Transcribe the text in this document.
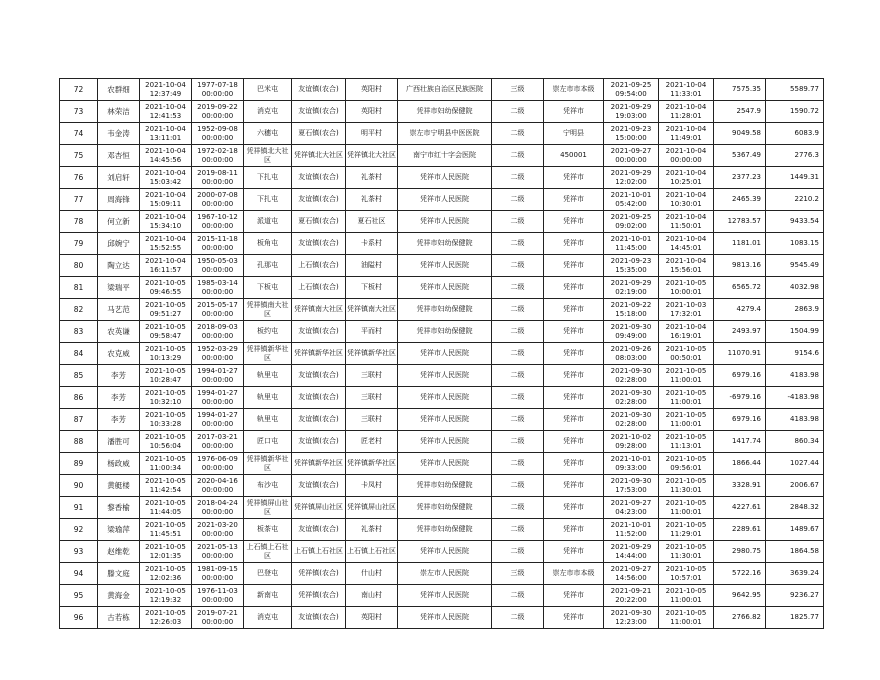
72	农群细	2021-10-04
12:37:49	1977-07-18
00:00:00	巴米屯	友谊镇(农合)	英阳村	广西壮族自治区民族医院	三级	崇左市市本级	2021-09-25
09:54:00	2021-10-04
11:33:01	7575.35	5589.77

73	林荣洁	2021-10-04
12:41:53	2019-09-22
00:00:00	消克屯	友谊镇(农合)	英阳村	凭祥市妇幼保健院	二级	凭祥市	2021-09-29
19:03:00	2021-10-04
11:28:01	2547.9	1590.72

74	韦金涛	2021-10-04
13:11:01	1952-09-08
00:00:00	六穗屯	夏石镇(农合)	明平村	崇左市宁明县中医医院	二级	宁明县	2021-09-23
15:00:00	2021-10-04
11:49:01	9049.58	6083.9

75	邓杏恒	2021-10-04
14:45:56	1972-02-18
00:00:00	凭祥镇北大社区	凭祥镇北大社区	凭祥镇北大社区	南宁市红十字会医院	二级	450001	2021-09-27
00:00:00	2021-10-04
00:00:00	5367.49	2776.3

76	刘启轩	2021-10-04
15:03:42	2019-08-11
00:00:00	下扎屯	友谊镇(农合)	礼茶村	凭祥市人民医院	二级	凭祥市	2021-09-29
12:02:00	2021-10-04
10:25:01	2377.23	1449.31

77	周海锋	2021-10-04
15:09:11	2000-07-08
00:00:00	下扎屯	友谊镇(农合)	礼茶村	凭祥市人民医院	二级	凭祥市	2021-10-01
05:42:00	2021-10-04
10:30:01	2465.39	2210.2

78	何立新	2021-10-04
15:34:10	1967-10-12
00:00:00	派道屯	夏石镇(农合)	夏石社区	凭祥市人民医院	二级	凭祥市	2021-09-25
09:02:00	2021-10-04
11:50:01	12783.57	9433.54

79	邱婉宁	2021-10-04
15:52:55	2015-11-18
00:00:00	板角屯	友谊镇(农合)	卡系村	凭祥市妇幼保健院	二级	凭祥市	2021-10-01
11:45:00	2021-10-04
14:45:01	1181.01	1083.15

80	陶立达	2021-10-04
16:11:57	1950-05-03
00:00:00	孔那屯	上石镇(农合)	油隘村	凭祥市人民医院	二级	凭祥市	2021-09-23
15:35:00	2021-10-04
15:56:01	9813.16	9545.49

81	梁瑞平	2021-10-05
09:46:55	1985-03-14
00:00:00	下板屯	上石镇(农合)	下板村	凭祥市人民医院	二级	凭祥市	2021-09-29
02:19:00	2021-10-05
10:00:01	6565.72	4032.98

82	马艺范	2021-10-05
09:51:27	2015-05-17
00:00:00	凭祥镇南大社区	凭祥镇南大社区	凭祥镇南大社区	凭祥市妇幼保健院	二级	凭祥市	2021-09-22
15:18:00	2021-10-03
17:32:01	4279.4	2863.9

83	农英谦	2021-10-05
09:58:47	2018-09-03
00:00:00	板约屯	友谊镇(农合)	平而村	凭祥市妇幼保健院	二级	凭祥市	2021-09-30
09:49:00	2021-10-04
16:19:01	2493.97	1504.99

84	农克威	2021-10-05
10:13:29	1952-03-29
00:00:00	凭祥镇新华社区	凭祥镇新华社区	凭祥镇新华社区	凭祥市人民医院	二级	凭祥市	2021-09-26
08:03:00	2021-10-05
00:50:01	11070.91	9154.6

85	李芳	2021-10-05
10:28:47	1994-01-27
00:00:00	轨里屯	友谊镇(农合)	三联村	凭祥市人民医院	二级	凭祥市	2021-09-30
02:28:00	2021-10-05
11:00:01	6979.16	4183.98

86	李芳	2021-10-05
10:32:10	1994-01-27
00:00:00	轨里屯	友谊镇(农合)	三联村	凭祥市人民医院	二级	凭祥市	2021-09-30
02:28:00	2021-10-05
11:00:01	-6979.16	-4183.98

87	李芳	2021-10-05
10:33:28	1994-01-27
00:00:00	轨里屯	友谊镇(农合)	三联村	凭祥市人民医院	二级	凭祥市	2021-09-30
02:28:00	2021-10-05
11:00:01	6979.16	4183.98

88	潘胜可	2021-10-05
10:56:04	2017-03-21
00:00:00	匠口屯	友谊镇(农合)	匠老村	凭祥市人民医院	二级	凭祥市	2021-10-02
09:28:00	2021-10-05
11:13:01	1417.74	860.34

89	杨政威	2021-10-05
11:00:34	1976-06-09
00:00:00	凭祥镇新华社区	凭祥镇新华社区	凭祥镇新华社区	凭祥市人民医院	二级	凭祥市	2021-10-01
09:33:00	2021-10-05
09:56:01	1866.44	1027.44

90	黄艇楼	2021-10-05
11:42:54	2020-04-16
00:00:00	布沙屯	友谊镇(农合)	卡凤村	凭祥市妇幼保健院	二级	凭祥市	2021-09-30
17:53:00	2021-10-05
11:30:01	3328.91	2006.67

91	黎香榆	2021-10-05
11:44:05	2018-04-24
00:00:00	凭祥镇屏山社区	凭祥镇屏山社区	凭祥镇屏山社区	凭祥市妇幼保健院	二级	凭祥市	2021-09-27
04:23:00	2021-10-05
11:00:01	4227.61	2848.32

92	梁瑜萍	2021-10-05
11:45:51	2021-03-20
00:00:00	板茶屯	友谊镇(农合)	礼茶村	凭祥市妇幼保健院	二级	凭祥市	2021-10-01
11:52:00	2021-10-05
11:29:01	2289.61	1489.67

93	赵维乾	2021-10-05
12:01:35	2021-05-13
00:00:00	上石镇上石社区	上石镇上石社区	上石镇上石社区	凭祥市人民医院	二级	凭祥市	2021-09-29
14:44:00	2021-10-05
11:30:01	2980.75	1864.58

94	滕文庭	2021-10-05
12:02:36	1981-09-15
00:00:00	巴登屯	凭祥镇(农合)	什山村	崇左市人民医院	三级	崇左市市本级	2021-09-27
14:56:00	2021-10-05
10:57:01	5722.16	3639.24

95	黄海金	2021-10-05
12:19:32	1976-11-03
00:00:00	新南屯	凭祥镇(农合)	南山村	凭祥市人民医院	二级	凭祥市	2021-09-21
20:22:00	2021-10-05
11:00:01	9642.95	9236.27

96	古若栋	2021-10-05
12:26:03	2019-07-21
00:00:00	消克屯	友谊镇(农合)	英阳村	凭祥市人民医院	二级	凭祥市	2021-09-30
12:23:00	2021-10-05
11:00:01	2766.82	1825.77
